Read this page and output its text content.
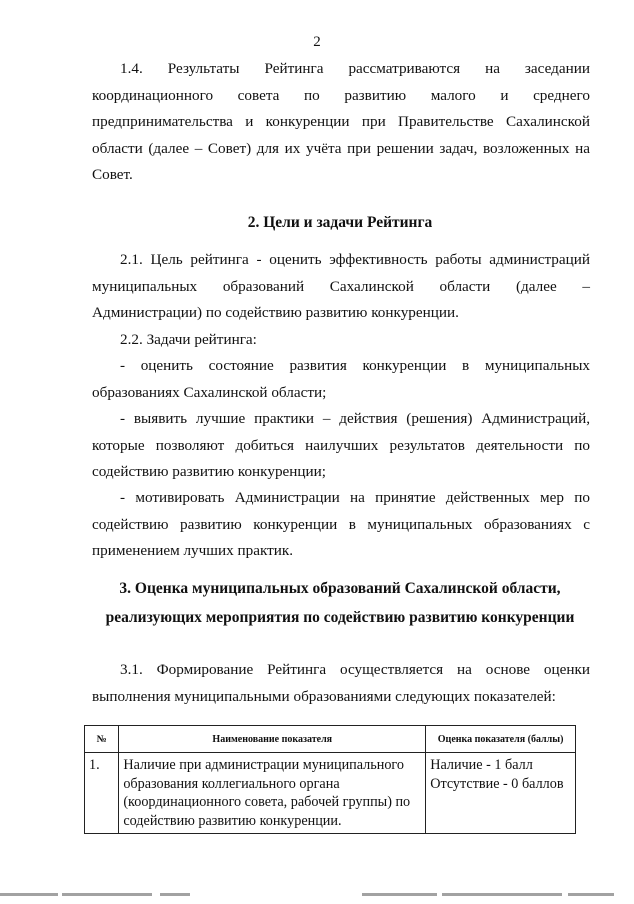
2

1.4. Результаты Рейтинга рассматриваются на заседании координационного совета по развитию малого и среднего предпринимательства и конкуренции при Правительстве Сахалинской области (далее – Совет) для их учёта при решении задач, возложенных на Совет.

2. Цели и задачи Рейтинга

2.1. Цель рейтинга - оценить эффективность работы администраций муниципальных образований Сахалинской области (далее – Администрации) по содействию развитию конкуренции.

2.2. Задачи рейтинга:

- оценить состояние развития конкуренции в муниципальных образованиях Сахалинской области;

- выявить лучшие практики – действия (решения) Администраций, которые позволяют добиться наилучших результатов деятельности по содействию развитию конкуренции;

- мотивировать Администрации на принятие действенных мер по содействию развитию конкуренции в муниципальных образованиях с применением лучших практик.

3. Оценка муниципальных образований Сахалинской области,
реализующих мероприятия по содействию развитию конкуренции

3.1. Формирование Рейтинга осуществляется на основе оценки выполнения муниципальными образованиями следующих показателей:

№	Наименование показателя	Оценка показателя (баллы)
1.	Наличие при администрации муниципального образования коллегиального органа (координационного совета, рабочей группы) по содействию развитию конкуренции.	Наличие - 1 балл
Отсутствие - 0 баллов
